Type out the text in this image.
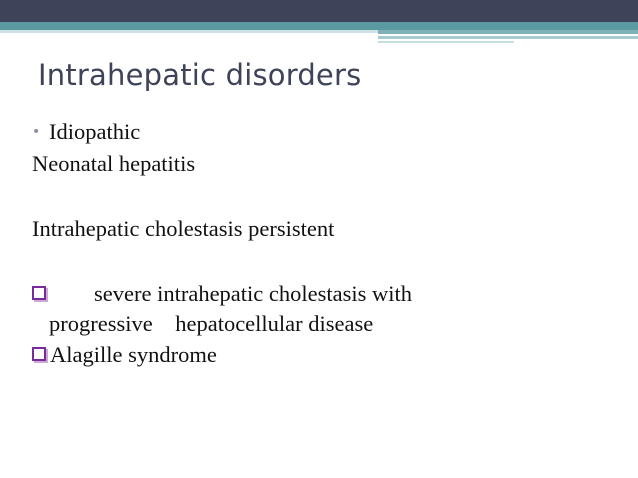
Intrahepatic disorders
• Idiopathic
Neonatal hepatitis
Intrahepatic cholestasis persistent
severe intrahepatic cholestasis with
progressive    hepatocellular disease
Alagille syndrome
